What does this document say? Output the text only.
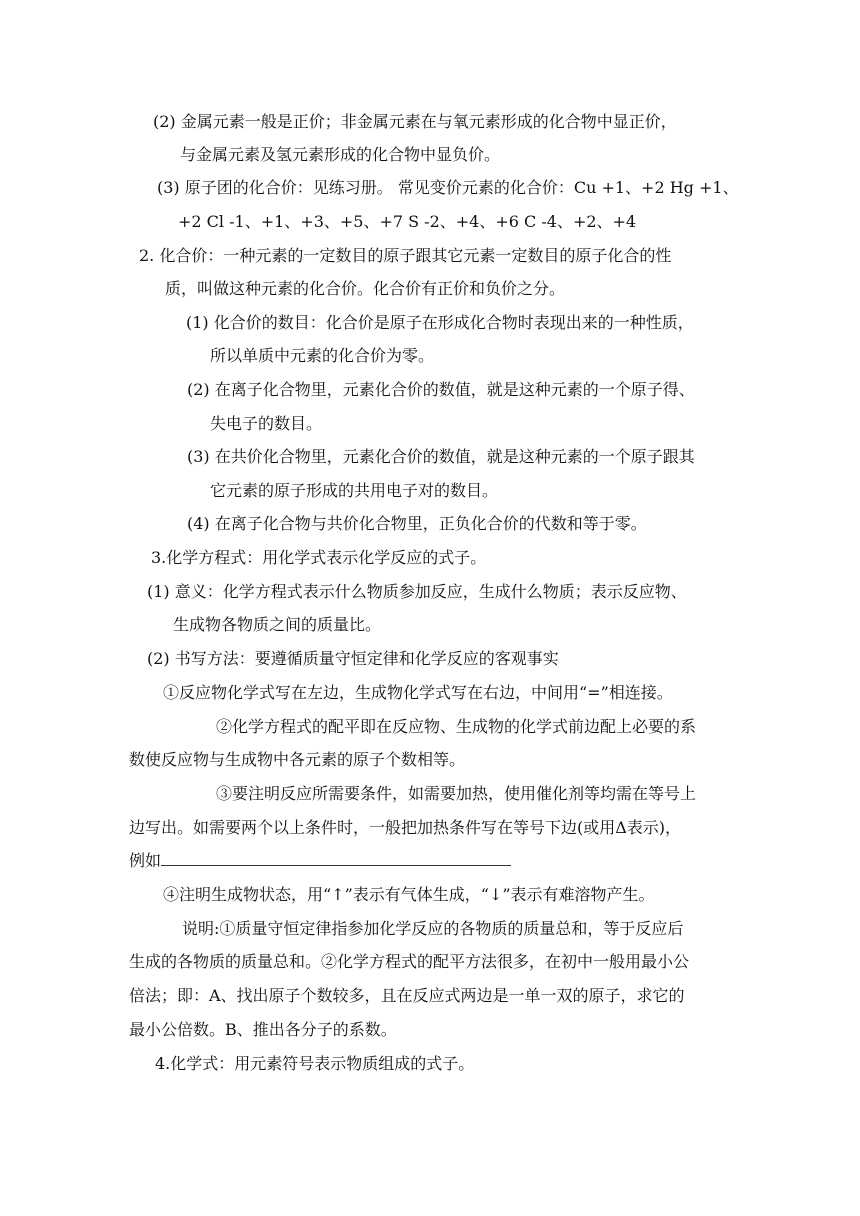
(2) 金属元素一般是正价；非金属元素在与氧元素形成的化合物中显正价，
与金属元素及氢元素形成的化合物中显负价。
(3) 原子团的化合价：见练习册。 常见变价元素的化合价：Cu +1、+2 Hg +1、
+2 Cl -1、+1、+3、+5、+7 S -2、+4、+6 C -4、+2、+4
2. 化合价：一种元素的一定数目的原子跟其它元素一定数目的原子化合的性
质，叫做这种元素的化合价。化合价有正价和负价之分。
(1) 化合价的数目：化合价是原子在形成化合物时表现出来的一种性质，
所以单质中元素的化合价为零。
(2) 在离子化合物里，元素化合价的数值，就是这种元素的一个原子得、
失电子的数目。
(3) 在共价化合物里，元素化合价的数值，就是这种元素的一个原子跟其
它元素的原子形成的共用电子对的数目。
(4) 在离子化合物与共价化合物里，正负化合价的代数和等于零。
3.化学方程式：用化学式表示化学反应的式子。
(1) 意义：化学方程式表示什么物质参加反应，生成什么物质；表示反应物、
生成物各物质之间的质量比。
(2) 书写方法：要遵循质量守恒定律和化学反应的客观事实
①反应物化学式写在左边，生成物化学式写在右边，中间用“=”相连接。
②化学方程式的配平即在反应物、生成物的化学式前边配上必要的系
数使反应物与生成物中各元素的原子个数相等。
③要注明反应所需要条件，如需要加热，使用催化剂等均需在等号上
边写出。如需要两个以上条件时，一般把加热条件写在等号下边(或用Δ表示)，
例如
④注明生成物状态，用“↑”表示有气体生成，“↓”表示有难溶物产生。
说明:①质量守恒定律指参加化学反应的各物质的质量总和，等于反应后
生成的各物质的质量总和。②化学方程式的配平方法很多，在初中一般用最小公
倍法；即：A、找出原子个数较多，且在反应式两边是一单一双的原子，求它的
最小公倍数。B、推出各分子的系数。
4.化学式：用元素符号表示物质组成的式子。
